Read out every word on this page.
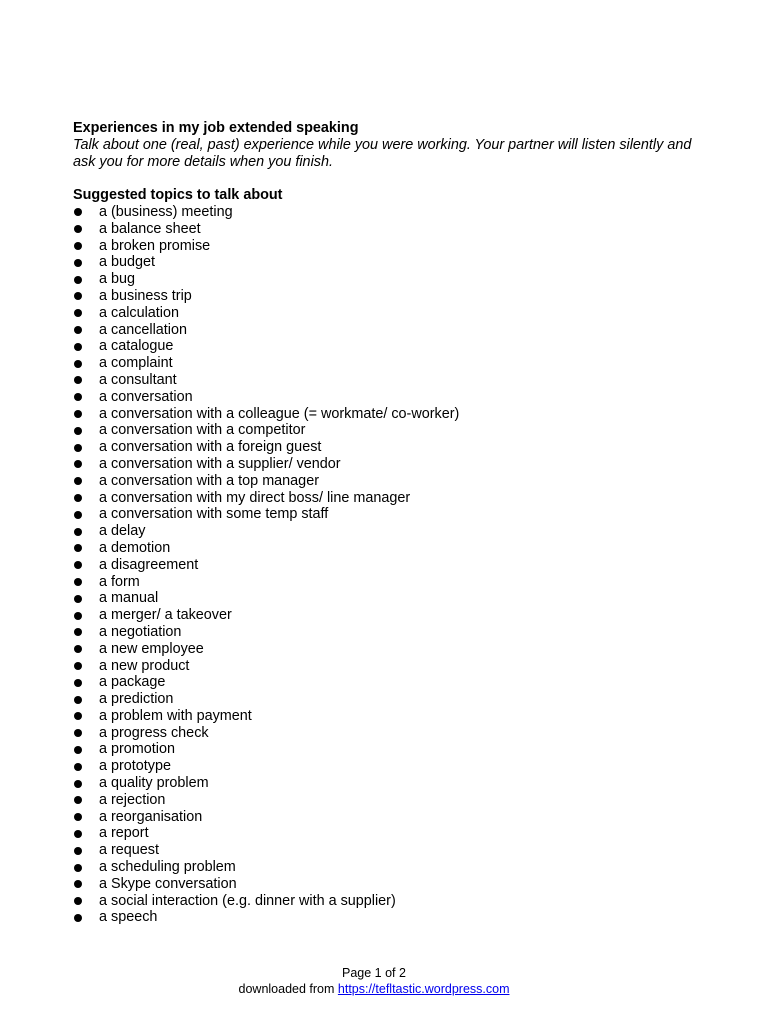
Experiences in my job extended speaking

Talk about one (real, past) experience while you were working. Your partner will listen silently and ask you for more details when you finish.

Suggested topics to talk about

a (business) meeting
a balance sheet
a broken promise
a budget
a bug
a business trip
a calculation
a cancellation
a catalogue
a complaint
a consultant
a conversation
a conversation with a colleague (= workmate/ co-worker)
a conversation with a competitor
a conversation with a foreign guest
a conversation with a supplier/ vendor
a conversation with a top manager
a conversation with my direct boss/ line manager
a conversation with some temp staff
a delay
a demotion
a disagreement
a form
a manual
a merger/ a takeover
a negotiation
a new employee
a new product
a package
a prediction
a problem with payment
a progress check
a promotion
a prototype
a quality problem
a rejection
a reorganisation
a report
a request
a scheduling problem
a Skype conversation
a social interaction (e.g. dinner with a supplier)
a speech
Page 1 of 2
downloaded from https://tefltastic.wordpress.com
